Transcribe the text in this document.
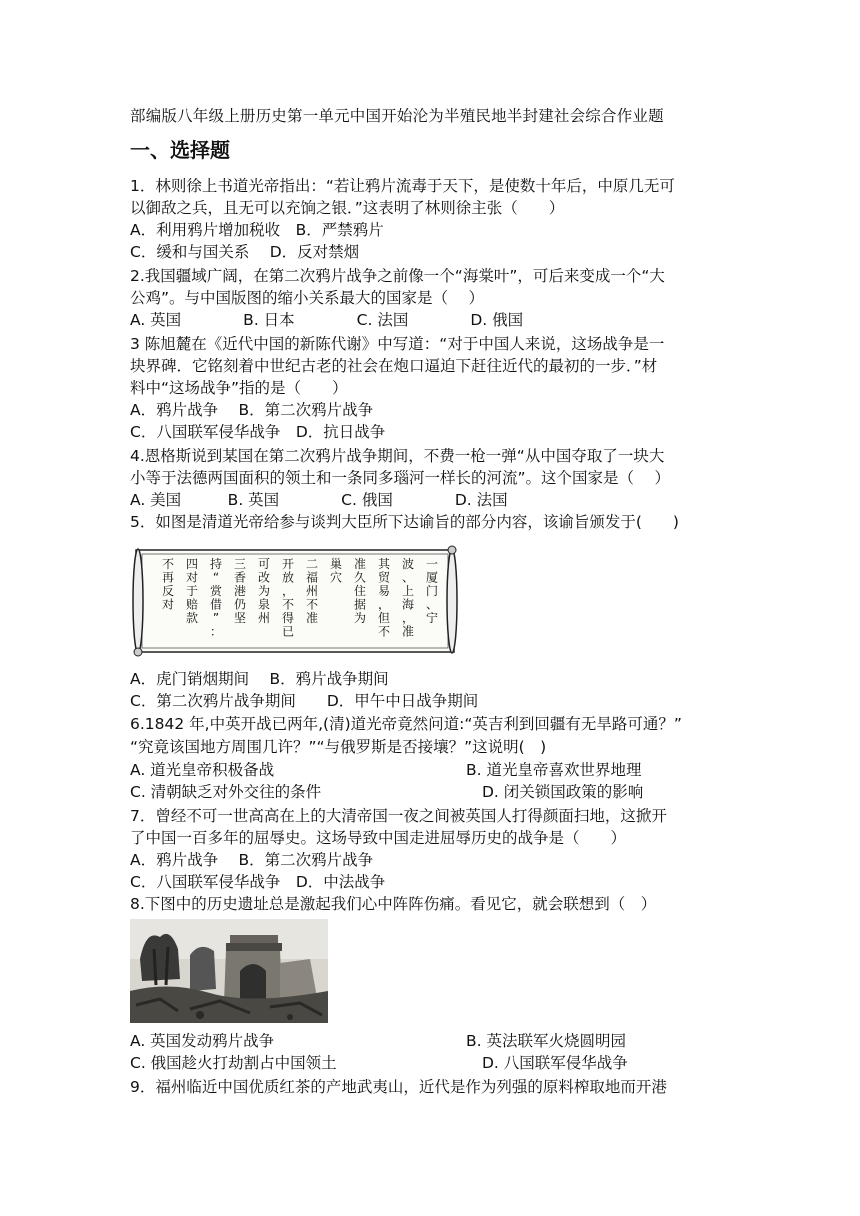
部编版八年级上册历史第一单元中国开始沦为半殖民地半封建社会综合作业题
一、选择题
1．林则徐上书道光帝指出：“若让鸦片流毒于天下，是使数十年后，中原几无可
以御敌之兵，且无可以充饷之银．”这表明了林则徐主张（　　）
A．利用鸦片增加税收　B．严禁鸦片
C．缓和与国关系　 D．反对禁烟
2.我国疆域广阔，在第二次鸦片战争之前像一个“海棠叶”，可后来变成一个“大
公鸡”。与中国版图的缩小关系最大的国家是（　 ）
A. 英国　　　　B. 日本　　　　C. 法国　　　　D. 俄国
3 陈旭麓在《近代中国的新陈代谢》中写道：“对于中国人来说，这场战争是一
块界碑．它铭刻着中世纪古老的社会在炮口逼迫下赶往近代的最初的一步．”材
料中“这场战争”指的是（　　）
A．鸦片战争　 B．第二次鸦片战争
C．八国联军侵华战争　D．抗日战争
4.恩格斯说到某国在第二次鸦片战争期间，不费一枪一弹“从中国夺取了一块大
小等于法德两国面积的领土和一条同多瑙河一样长的河流”。这个国家是（　 ）
A. 美国　　　B. 英国　　　　C. 俄国　　　　D. 法国
5．如图是清道光帝给参与谈判大臣所下达谕旨的部分内容，该谕旨颁发于(　　)
一厦门、宁
波、上海，准
其贸易，但不
准久住据为
巢穴
二福州不准
开放，不得已
可改为泉州
三香港仍坚
持“赏借”：
四对于赔款
不再反对
A．虎门销烟期间　 B．鸦片战争期间
C．第二次鸦片战争期间　　D．甲午中日战争期间
6.1842 年,中英开战已两年,(清)道光帝竟然问道:“英吉利到回疆有无旱路可通？”
“究竟该国地方周围几许？”“与俄罗斯是否接壤？”这说明(　)
A. 道光皇帝积极备战	B. 道光皇帝喜欢世界地理
C. 清朝缺乏对外交往的条件	D. 闭关锁国政策的影响
7．曾经不可一世高高在上的大清帝国一夜之间被英国人打得颜面扫地，这掀开
了中国一百多年的屈辱史。这场导致中国走进屈辱历史的战争是（　　）
A．鸦片战争　 B．第二次鸦片战争
C．八国联军侵华战争　D．中法战争
8.下图中的历史遗址总是激起我们心中阵阵伤痛。看见它，就会联想到（　）
A. 英国发动鸦片战争	B. 英法联军火烧圆明园
C. 俄国趁火打劫割占中国领土	D. 八国联军侵华战争
9．福州临近中国优质红茶的产地武夷山，近代是作为列强的原料榨取地而开港
